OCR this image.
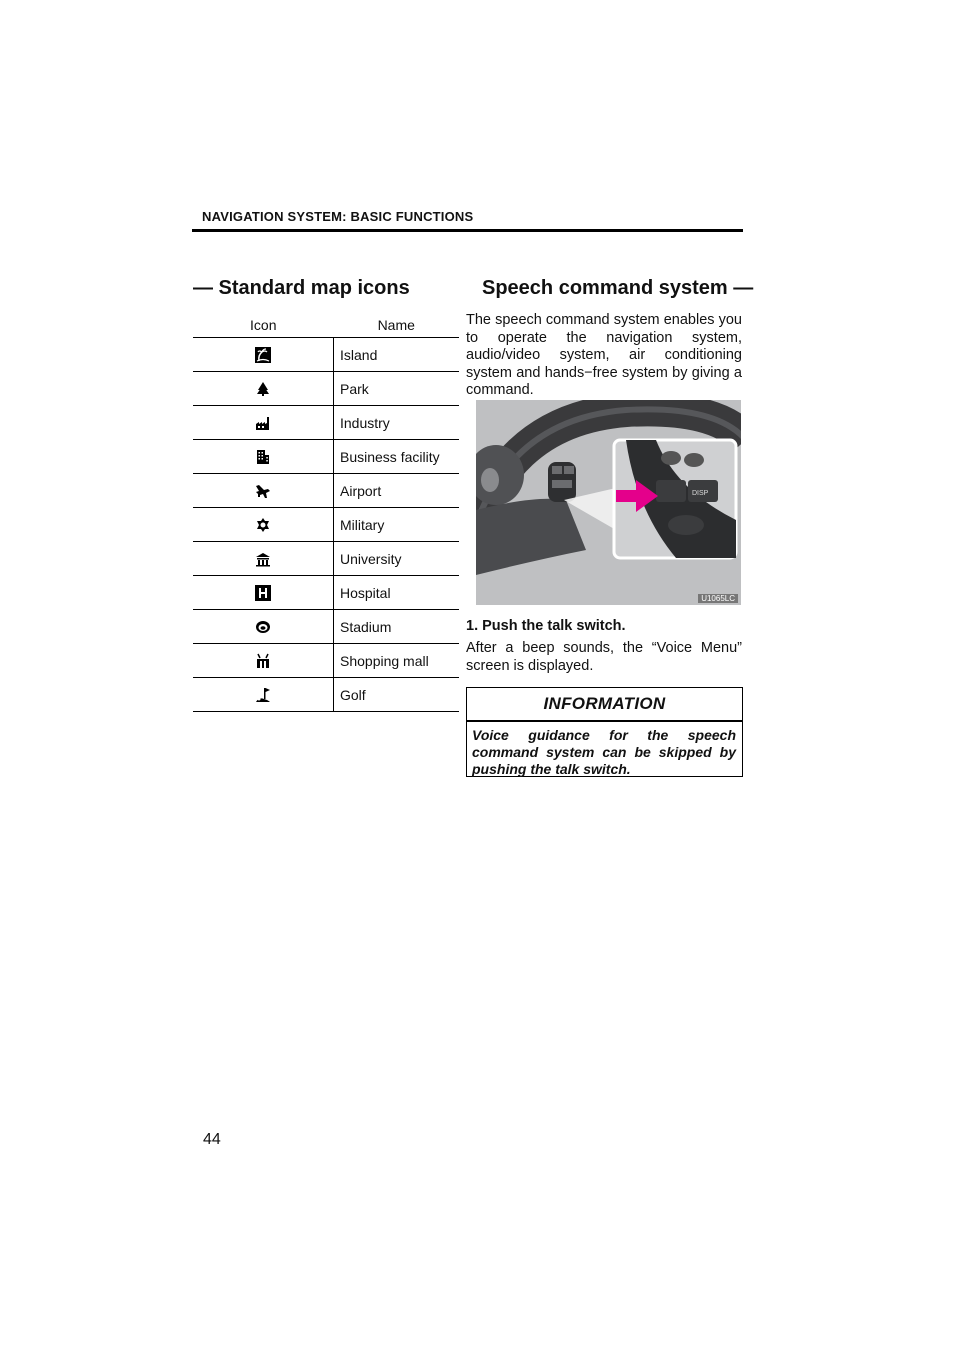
NAVIGATION SYSTEM: BASIC FUNCTIONS
— Standard map icons	Speech command system —
Icon	Name

	Island

	Park

	Industry

	Business facility

	Airport

	Military

	University

	Hospital

	Stadium

	Shopping mall

	Golf
The speech command system enables you to operate the navigation system, audio/video system, air conditioning system and hands−free system by giving a command.
DISP
U1065LC
1. Push the talk switch.
After a beep sounds, the “Voice Menu” screen is displayed.
INFORMATION
Voice guidance for the speech command system can be skipped by pushing the talk switch.
44
